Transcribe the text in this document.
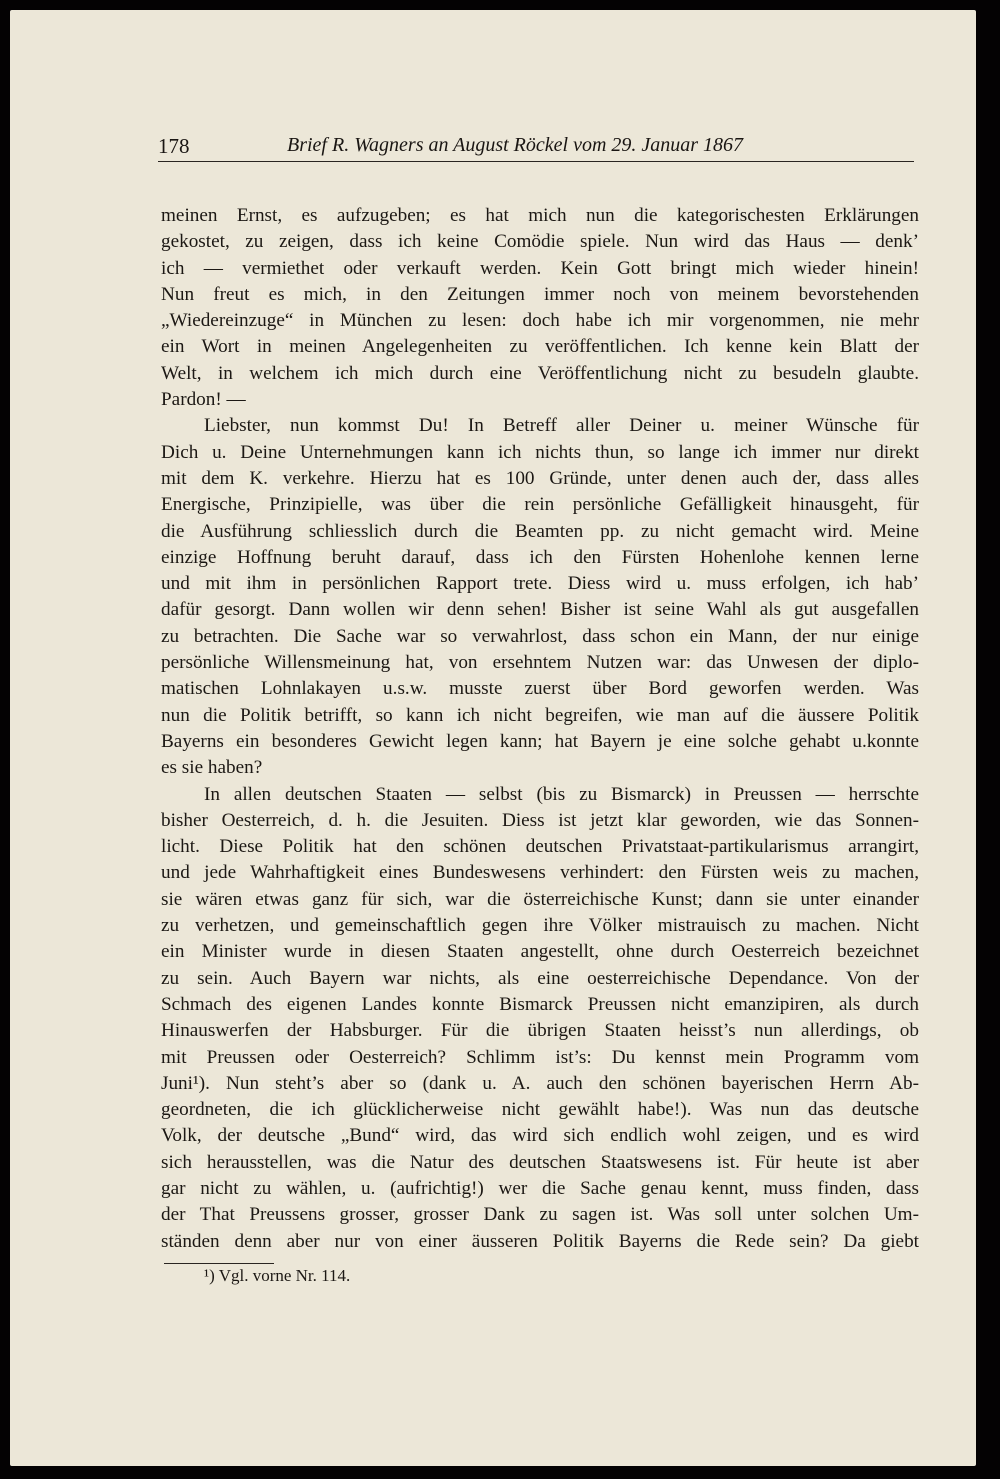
178	Brief R. Wagners an August Röckel vom 29. Januar 1867
meinen Ernst, es aufzugeben; es hat mich nun die kategorischesten Erklärungen
gekostet, zu zeigen, dass ich keine Comödie spiele. Nun wird das Haus — denk’
ich — vermiethet oder verkauft werden. Kein Gott bringt mich wieder hinein!
Nun freut es mich, in den Zeitungen immer noch von meinem bevorstehenden
„Wiedereinzuge“ in München zu lesen: doch habe ich mir vorgenommen, nie mehr
ein Wort in meinen Angelegenheiten zu veröffentlichen. Ich kenne kein Blatt der
Welt, in welchem ich mich durch eine Veröffentlichung nicht zu besudeln glaubte.
Pardon! —
Liebster, nun kommst Du! In Betreff aller Deiner u. meiner Wünsche für
Dich u. Deine Unternehmungen kann ich nichts thun, so lange ich immer nur direkt
mit dem K. verkehre. Hierzu hat es 100 Gründe, unter denen auch der, dass alles
Energische, Prinzipielle, was über die rein persönliche Gefälligkeit hinausgeht, für
die Ausführung schliesslich durch die Beamten pp. zu nicht gemacht wird. Meine
einzige Hoffnung beruht darauf, dass ich den Fürsten Hohenlohe kennen lerne
und mit ihm in persönlichen Rapport trete. Diess wird u. muss erfolgen, ich hab’
dafür gesorgt. Dann wollen wir denn sehen! Bisher ist seine Wahl als gut ausgefallen
zu betrachten. Die Sache war so verwahrlost, dass schon ein Mann, der nur einige
persönliche Willensmeinung hat, von ersehntem Nutzen war: das Unwesen der diplo-
matischen Lohnlakayen u.s.w. musste zuerst über Bord geworfen werden. Was
nun die Politik betrifft, so kann ich nicht begreifen, wie man auf die äussere Politik
Bayerns ein besonderes Gewicht legen kann; hat Bayern je eine solche gehabt u.konnte
es sie haben?
In allen deutschen Staaten — selbst (bis zu Bismarck) in Preussen — herrschte
bisher Oesterreich, d. h. die Jesuiten. Diess ist jetzt klar geworden, wie das Sonnen-
licht. Diese Politik hat den schönen deutschen Privatstaat-partikularismus arrangirt,
und jede Wahrhaftigkeit eines Bundeswesens verhindert: den Fürsten weis zu machen,
sie wären etwas ganz für sich, war die österreichische Kunst; dann sie unter einander
zu verhetzen, und gemeinschaftlich gegen ihre Völker mistrauisch zu machen. Nicht
ein Minister wurde in diesen Staaten angestellt, ohne durch Oesterreich bezeichnet
zu sein. Auch Bayern war nichts, als eine oesterreichische Dependance. Von der
Schmach des eigenen Landes konnte Bismarck Preussen nicht emanzipiren, als durch
Hinauswerfen der Habsburger. Für die übrigen Staaten heisst’s nun allerdings, ob
mit Preussen oder Oesterreich? Schlimm ist’s: Du kennst mein Programm vom
Juni¹). Nun steht’s aber so (dank u. A. auch den schönen bayerischen Herrn Ab-
geordneten, die ich glücklicherweise nicht gewählt habe!). Was nun das deutsche
Volk, der deutsche „Bund“ wird, das wird sich endlich wohl zeigen, und es wird
sich herausstellen, was die Natur des deutschen Staatswesens ist. Für heute ist aber
gar nicht zu wählen, u. (aufrichtig!) wer die Sache genau kennt, muss finden, dass
der That Preussens grosser, grosser Dank zu sagen ist. Was soll unter solchen Um-
ständen denn aber nur von einer äusseren Politik Bayerns die Rede sein? Da giebt
¹) Vgl. vorne Nr. 114.
